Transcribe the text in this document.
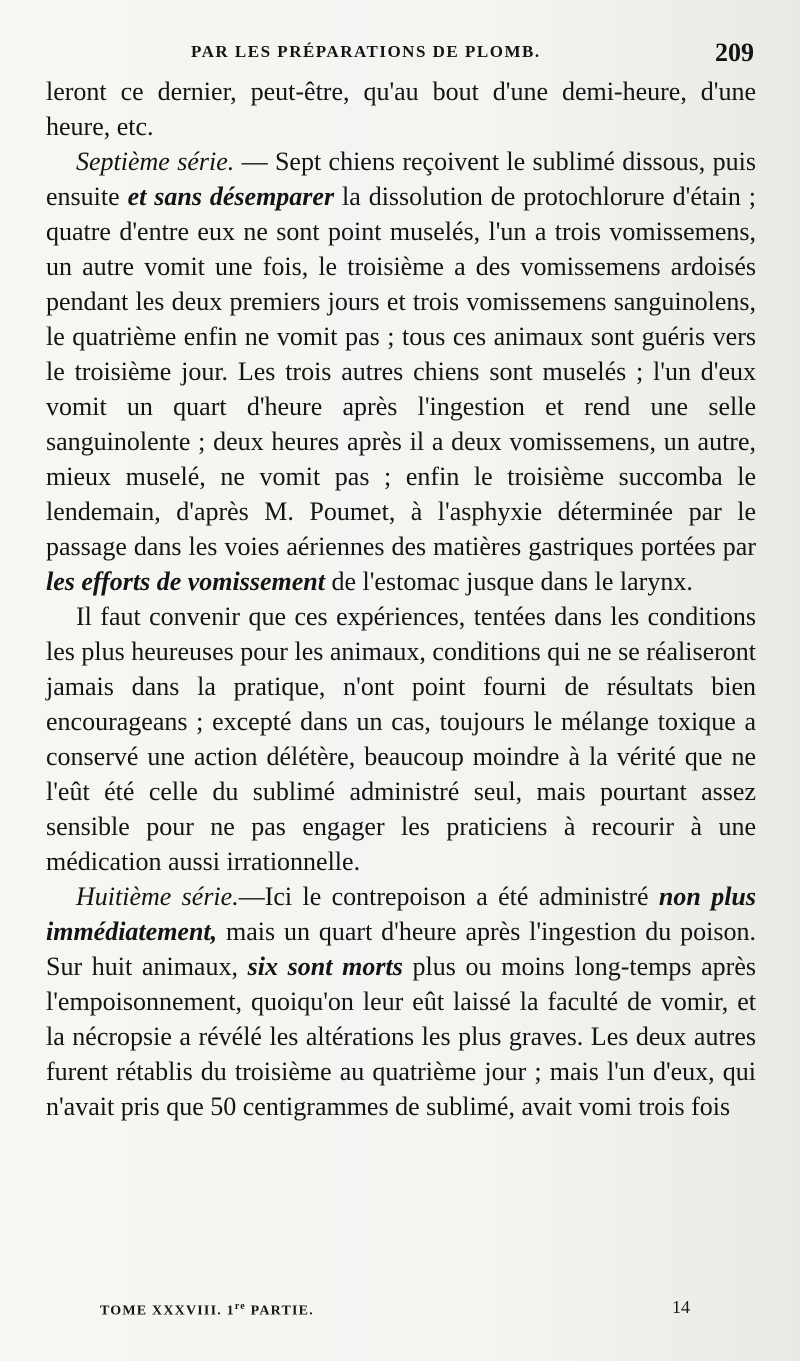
PAR LES PRÉPARATIONS DE PLOMB.	209

leront ce dernier, peut-être, qu'au bout d'une demi-heure, d'une heure, etc.

Septième série. — Sept chiens reçoivent le sublimé dissous, puis ensuite et sans désemparer la dissolution de protochlorure d'étain ; quatre d'entre eux ne sont point muselés, l'un a trois vomissemens, un autre vomit une fois, le troisième a des vomissemens ardoisés pendant les deux premiers jours et trois vomissemens sanguinolens, le quatrième enfin ne vomit pas ; tous ces animaux sont guéris vers le troisième jour. Les trois autres chiens sont muselés ; l'un d'eux vomit un quart d'heure après l'ingestion et rend une selle sanguinolente ; deux heures après il a deux vomissemens, un autre, mieux muselé, ne vomit pas ; enfin le troisième succomba le lendemain, d'après M. Poumet, à l'asphyxie déterminée par le passage dans les voies aériennes des matières gastriques portées par les efforts de vomissement de l'estomac jusque dans le larynx.

Il faut convenir que ces expériences, tentées dans les conditions les plus heureuses pour les animaux, conditions qui ne se réaliseront jamais dans la pratique, n'ont point fourni de résultats bien encourageans ; excepté dans un cas, toujours le mélange toxique a conservé une action délétère, beaucoup moindre à la vérité que ne l'eût été celle du sublimé administré seul, mais pourtant assez sensible pour ne pas engager les praticiens à recourir à une médication aussi irrationnelle.

Huitième série.—Ici le contrepoison a été administré non plus immédiatement, mais un quart d'heure après l'ingestion du poison. Sur huit animaux, six sont morts plus ou moins long-temps après l'empoisonnement, quoiqu'on leur eût laissé la faculté de vomir, et la nécropsie a révélé les altérations les plus graves. Les deux autres furent rétablis du troisième au quatrième jour ; mais l'un d'eux, qui n'avait pris que 50 centigrammes de sublimé, avait vomi trois fois

TOME XXXVIII. 1re PARTIE.	14
